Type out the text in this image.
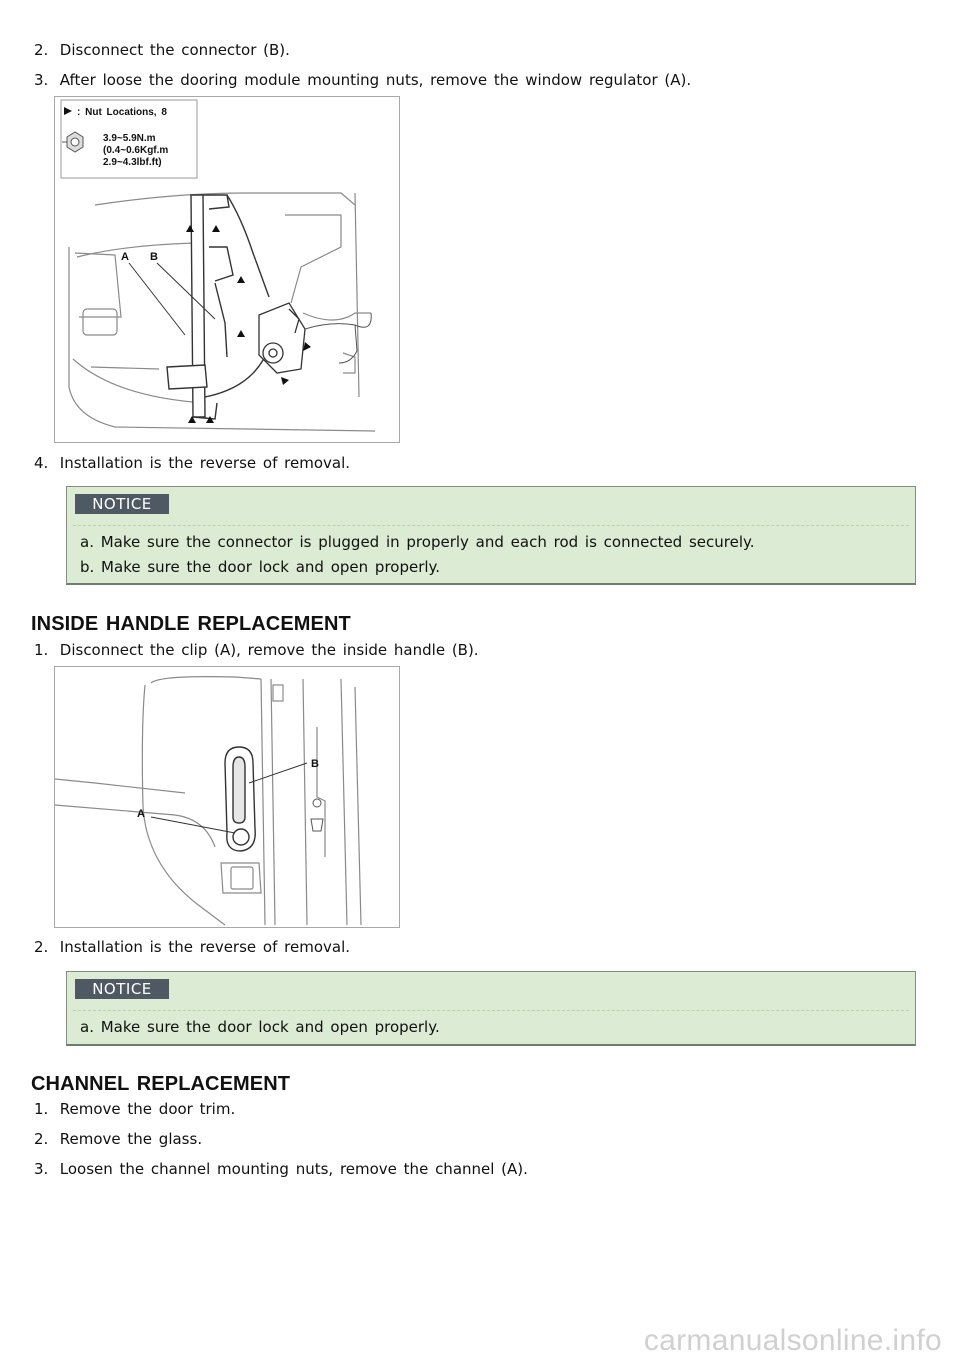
2. Disconnect the connector (B).

3. After loose the dooring module mounting nuts, remove the window regulator (A).

: Nut Locations, 8
3.9~5.9N.m
(0.4~0.6Kgf.m
2.9~4.3lbf.ft)
A B

4. Installation is the reverse of removal.

NOTICE

a. Make sure the connector is plugged in properly and each rod is connected securely.

b. Make sure the door lock and open properly.

INSIDE HANDLE REPLACEMENT

1. Disconnect the clip (A), remove the inside handle (B).

A
B

2. Installation is the reverse of removal.

NOTICE

a. Make sure the door lock and open properly.

CHANNEL REPLACEMENT

1. Remove the door trim.

2. Remove the glass.

3. Loosen the channel mounting nuts, remove the channel (A).

carmanualsonline.info
